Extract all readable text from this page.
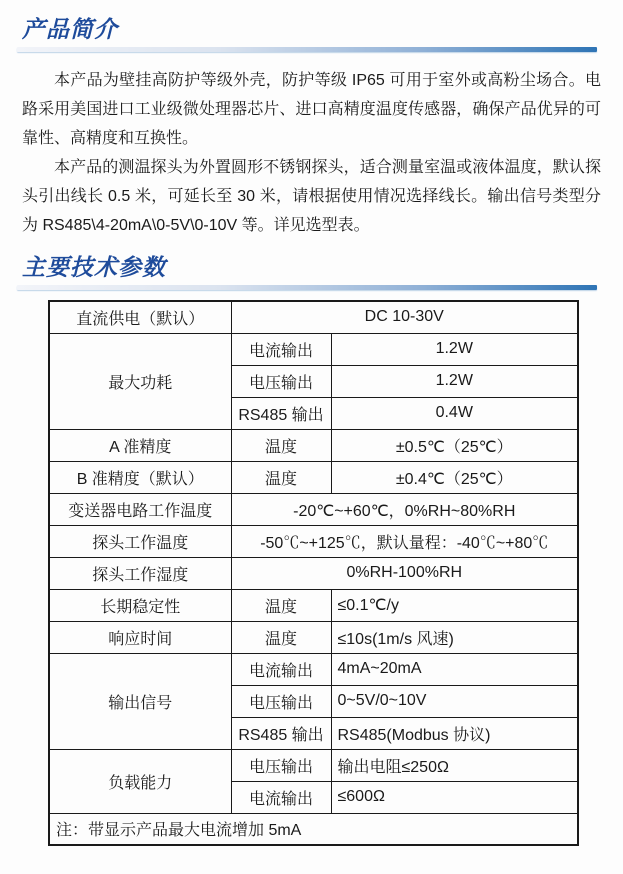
产品简介

本产品为壁挂高防护等级外壳，防护等级 IP65 可用于室外或高粉尘场合。电路采用美国进口工业级微处理器芯片、进口高精度温度传感器，确保产品优异的可靠性、高精度和互换性。

本产品的测温探头为外置圆形不锈钢探头，适合测量室温或液体温度，默认探头引出线长 0.5 米，可延长至 30 米，请根据使用情况选择线长。输出信号类型分为 RS485\4-20mA\0-5V\0-10V 等。详见选型表。

主要技术参数
直流供电（默认）	DC 10-30V	
最大功耗	电流输出	1.2W
	电压输出	1.2W
	RS485 输出	0.4W
A 准精度	温度	±0.5℃（25℃）
B 准精度（默认）	温度	±0.4℃（25℃）
变送器电路工作温度	-20℃~+60℃，0%RH~80%RH	
探头工作温度	-50℃~+125℃，默认量程：-40℃~+80℃	
探头工作湿度	0%RH-100%RH	
长期稳定性	温度	≤0.1℃/y
响应时间	温度	≤10s(1m/s 风速)
输出信号	电流输出	4mA~20mA
	电压输出	0~5V/0~10V
	RS485 输出	RS485(Modbus 协议)
负载能力	电压输出	输出电阻≤250Ω
	电流输出	≤600Ω
注：带显示产品最大电流增加 5mA		
